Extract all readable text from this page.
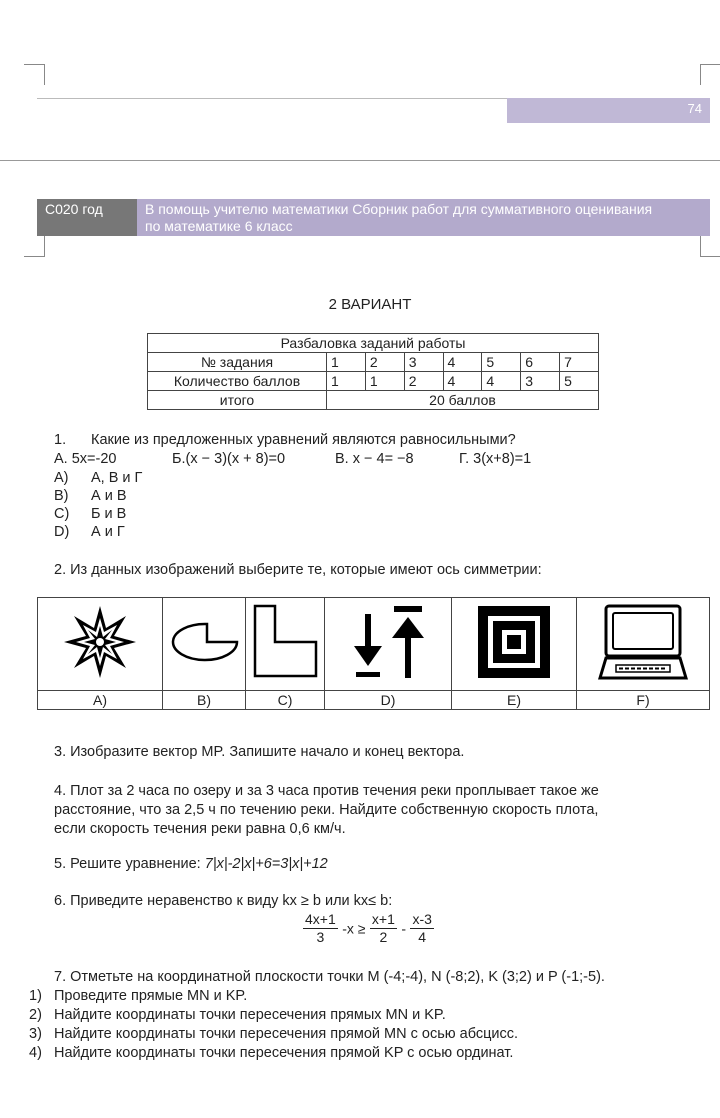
74
С020 год	В помощь учителю математики Сборник работ для суммативного оценивания
по математике 6 класс
2 ВАРИАНТ
Разбаловка заданий работы							
№ задания	1	2	3	4	5	6	7
Количество баллов	1	1	2	4	4	3	5
итого	20 баллов						
1. Какие из предложенных уравнений являются равносильными?
А. 5x=-20	Б.(x − 3)(x + 8)=0	В. x − 4= −8	Г. 3(x+8)=1
A) А, В и Г
B) А и В
C) Б и В
D) А и Г
2. Из данных изображений выберите те, которые имеют ось симметрии:

A)	B)	C)	D)	E)	F)
3. Изобразите вектор MP. Запишите начало и конец вектора.
4. Плот за 2 часа по озеру и за 3 часа против течения реки проплывает такое же
расстояние, что за 2,5 ч по течению реки. Найдите собственную скорость плота,
если скорость течения реки равна 0,6 км/ч.
5. Решите уравнение: 7|x|-2|x|+6=3|x|+12
6. Приведите неравенство к виду kx ≥ b или kx≤ b:
$\frac{4x+1}{3} -x \ge \frac{x+1}{2} - \frac{x-3}{4}$
7. Отметьте на координатной плоскости точки M (-4;-4), N (-8;2), K (3;2) и P (-1;-5).
1) Проведите прямые MN и KP.
2) Найдите координаты точки пересечения прямых MN и KP.
3) Найдите координаты точки пересечения прямой MN с осью абсцисс.
4) Найдите координаты точки пересечения прямой KP с осью ординат.
